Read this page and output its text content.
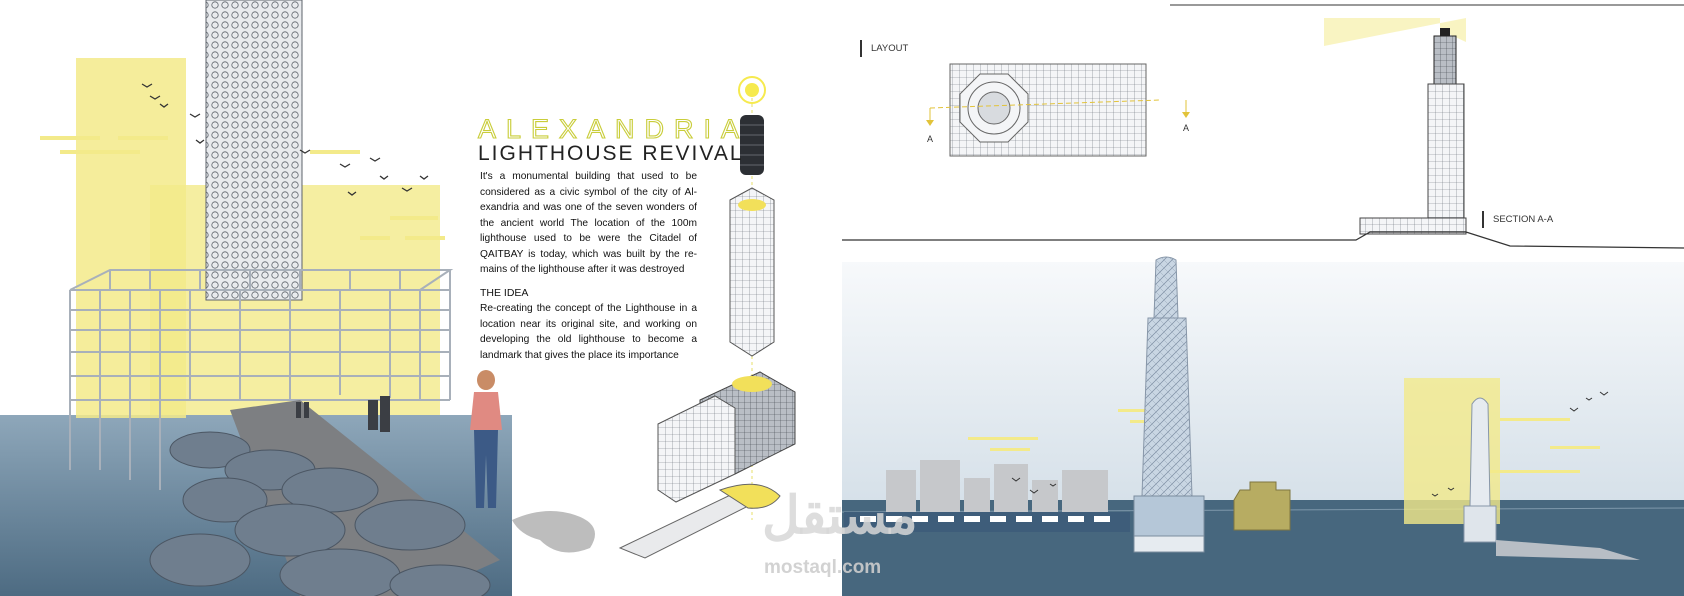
ALEXANDRIA
LIGHTHOUSE REVIVAL
It's a monumental building that used to be considered as a civic symbol of the city of Al-exandria and was one of the seven wonders of the ancient world The location of the 100m lighthouse used to be were the Citadel of QAITBAY is today, which was built by the re-mains of the lighthouse after it was destroyed
THE IDEA
Re-creating the concept of the Lighthouse in a location near its original site, and working on developing the old lighthouse to become a landmark that gives the place its importance
LAYOUT
SECTION A-A
A
A
مستقل
mostaql.com
